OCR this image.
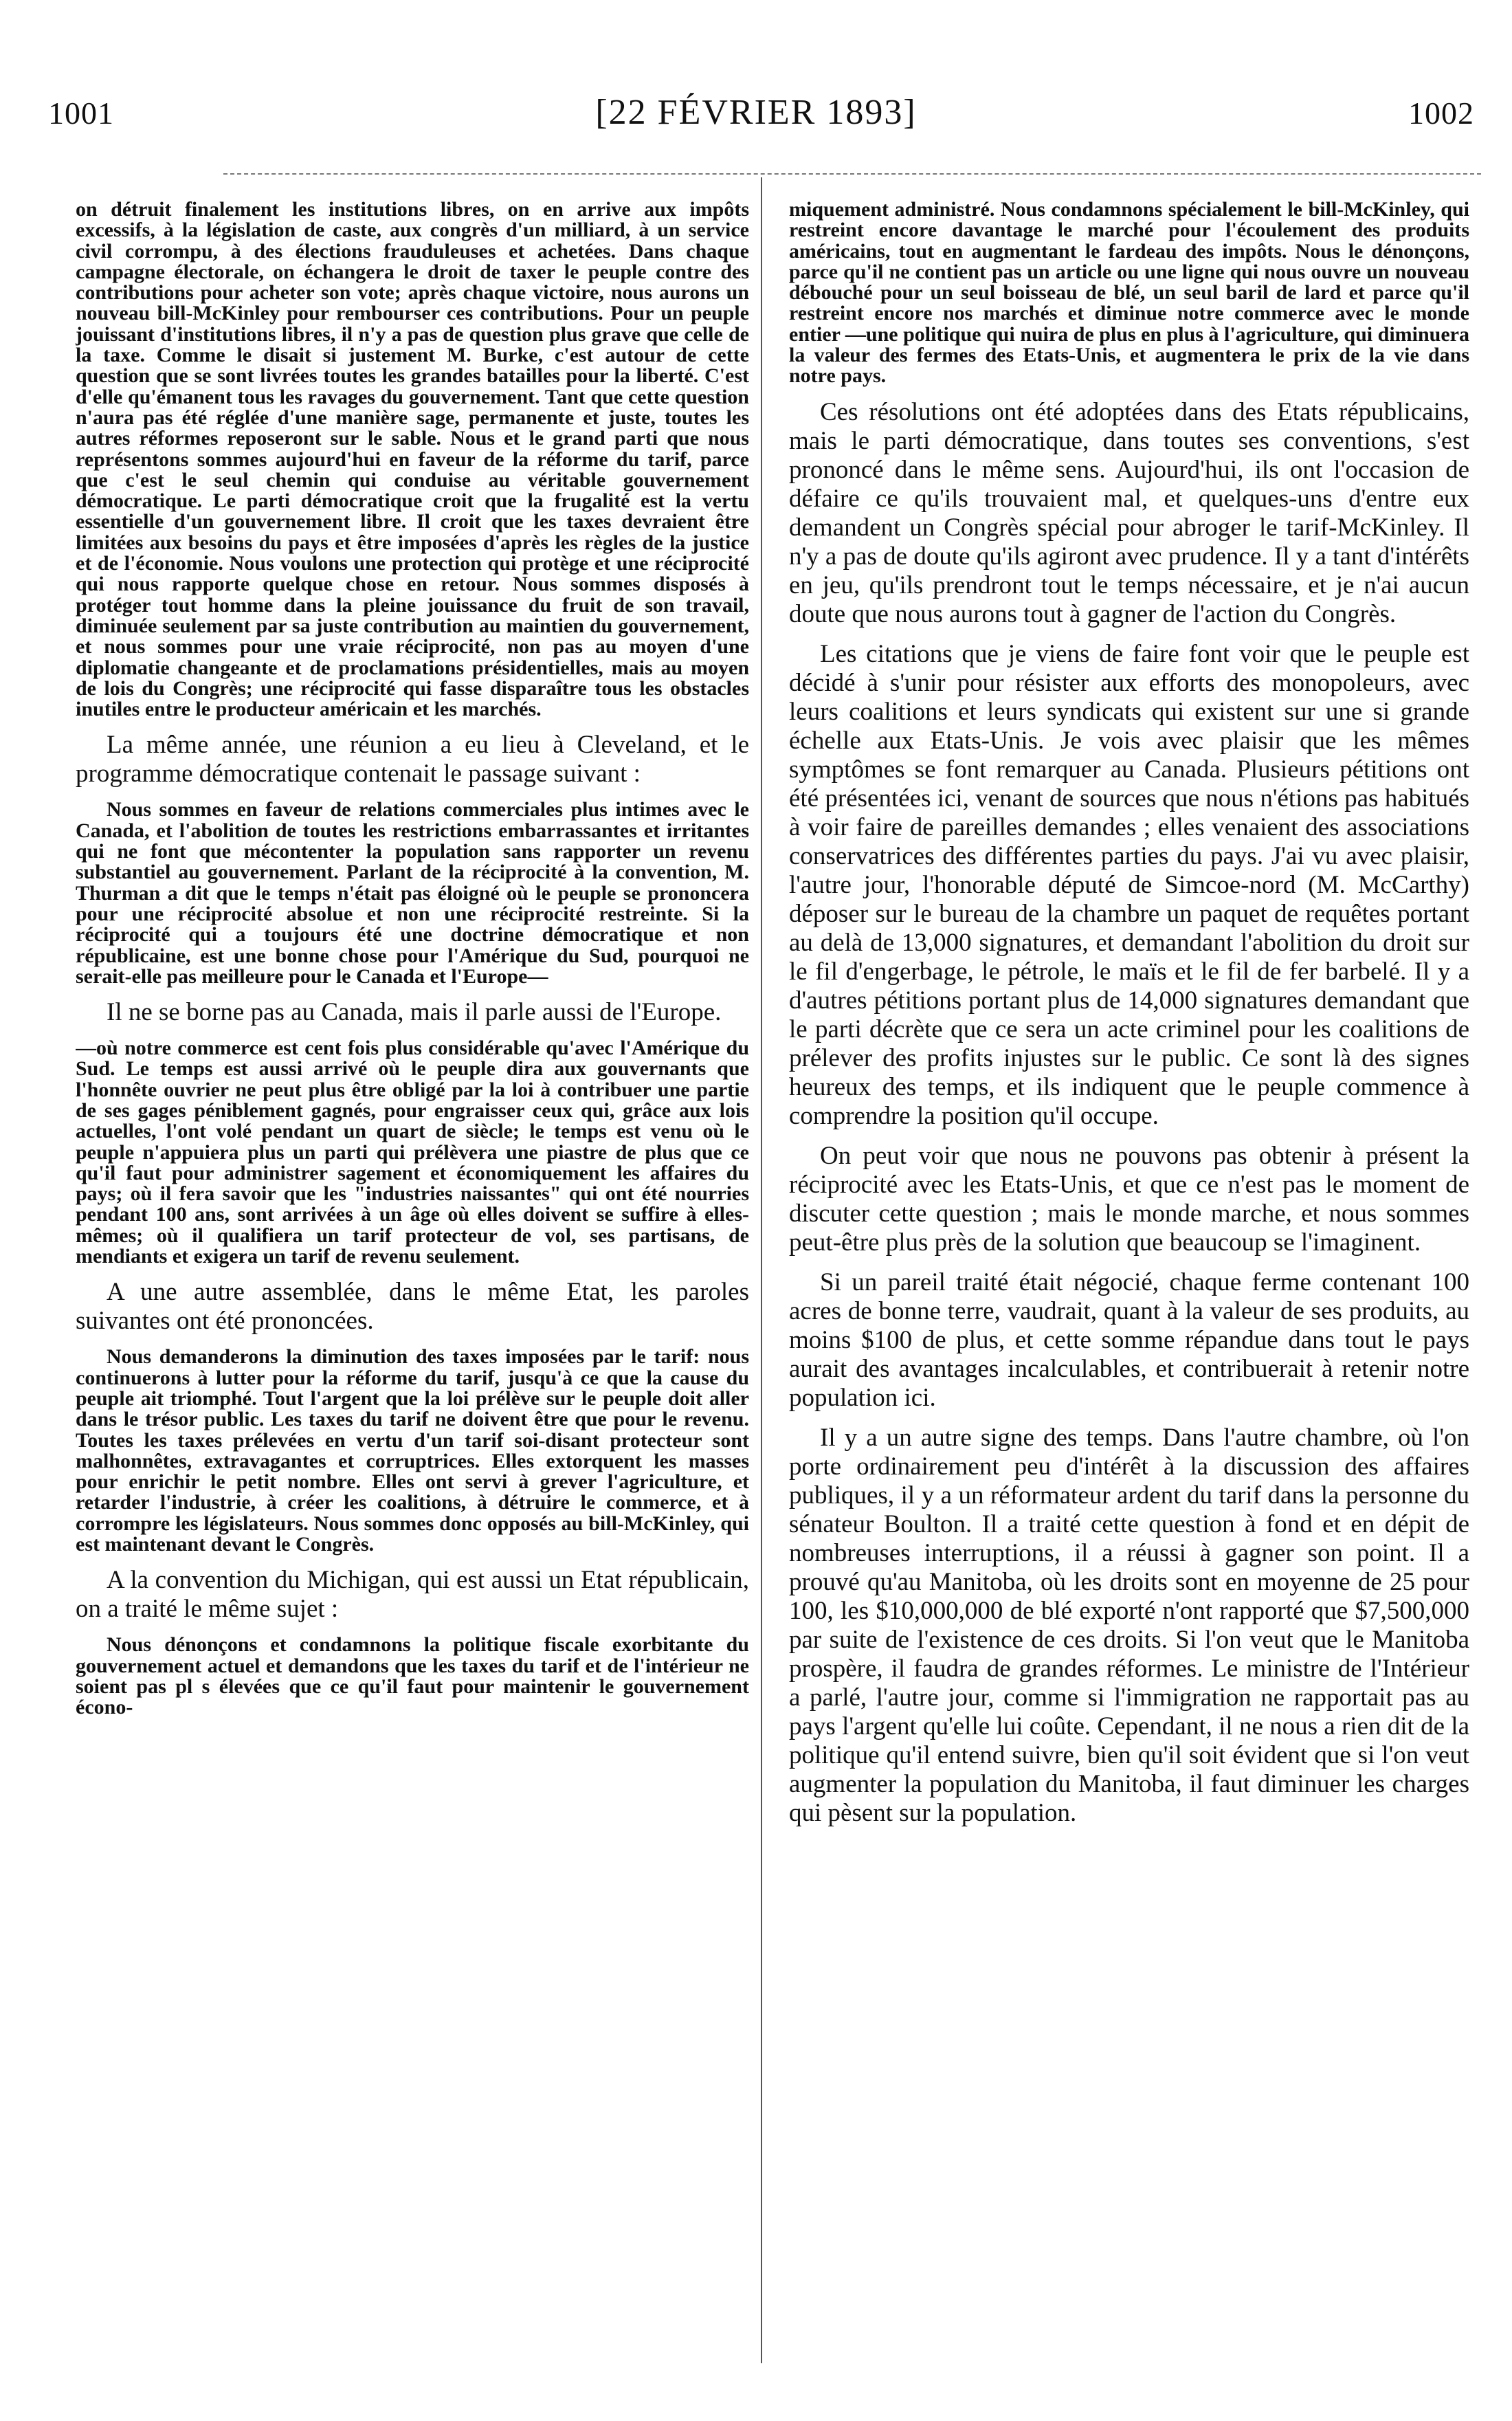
1001	[22 FÉVRIER 1893]	1002

on détruit finalement les institutions libres, on en arrive aux impôts excessifs, à la législation de caste, aux congrès d'un milliard, à un service civil corrompu, à des élections frauduleuses et achetées. Dans chaque campagne électorale, on échangera le droit de taxer le peuple contre des contributions pour acheter son vote; après chaque victoire, nous aurons un nouveau bill-McKinley pour rembourser ces contributions. Pour un peuple jouissant d'institutions libres, il n'y a pas de question plus grave que celle de la taxe. Comme le disait si justement M. Burke, c'est autour de cette question que se sont livrées toutes les grandes batailles pour la liberté. C'est d'elle qu'émanent tous les ravages du gouvernement. Tant que cette question n'aura pas été réglée d'une manière sage, permanente et juste, toutes les autres réformes reposeront sur le sable. Nous et le grand parti que nous représentons sommes aujourd'hui en faveur de la réforme du tarif, parce que c'est le seul chemin qui conduise au véritable gouvernement démocratique. Le parti démocratique croit que la frugalité est la vertu essentielle d'un gouvernement libre. Il croit que les taxes devraient être limitées aux besoins du pays et être imposées d'après les règles de la justice et de l'économie. Nous voulons une protection qui protège et une réciprocité qui nous rapporte quelque chose en retour. Nous sommes disposés à protéger tout homme dans la pleine jouissance du fruit de son travail, diminuée seulement par sa juste contribution au maintien du gouvernement, et nous sommes pour une vraie réciprocité, non pas au moyen d'une diplomatie changeante et de proclamations présidentielles, mais au moyen de lois du Congrès; une réciprocité qui fasse disparaître tous les obstacles inutiles entre le producteur américain et les marchés.

La même année, une réunion a eu lieu à Cleveland, et le programme démocratique contenait le passage suivant :

Nous sommes en faveur de relations commerciales plus intimes avec le Canada, et l'abolition de toutes les restrictions embarrassantes et irritantes qui ne font que mécontenter la population sans rapporter un revenu substantiel au gouvernement. Parlant de la réciprocité à la convention, M. Thurman a dit que le temps n'était pas éloigné où le peuple se prononcera pour une réciprocité absolue et non une réciprocité restreinte. Si la réciprocité qui a toujours été une doctrine démocratique et non républicaine, est une bonne chose pour l'Amérique du Sud, pourquoi ne serait-elle pas meilleure pour le Canada et l'Europe—

Il ne se borne pas au Canada, mais il parle aussi de l'Europe.

—où notre commerce est cent fois plus considérable qu'avec l'Amérique du Sud. Le temps est aussi arrivé où le peuple dira aux gouvernants que l'honnête ouvrier ne peut plus être obligé par la loi à contribuer une partie de ses gages péniblement gagnés, pour engraisser ceux qui, grâce aux lois actuelles, l'ont volé pendant un quart de siècle; le temps est venu où le peuple n'appuiera plus un parti qui prélèvera une piastre de plus que ce qu'il faut pour administrer sagement et économiquement les affaires du pays; où il fera savoir que les "industries naissantes" qui ont été nourries pendant 100 ans, sont arrivées à un âge où elles doivent se suffire à elles-mêmes; où il qualifiera un tarif protecteur de vol, ses partisans, de mendiants et exigera un tarif de revenu seulement.

A une autre assemblée, dans le même Etat, les paroles suivantes ont été prononcées.

Nous demanderons la diminution des taxes imposées par le tarif: nous continuerons à lutter pour la réforme du tarif, jusqu'à ce que la cause du peuple ait triomphé. Tout l'argent que la loi prélève sur le peuple doit aller dans le trésor public. Les taxes du tarif ne doivent être que pour le revenu. Toutes les taxes prélevées en vertu d'un tarif soi-disant protecteur sont malhonnêtes, extravagantes et corruptrices. Elles extorquent les masses pour enrichir le petit nombre. Elles ont servi à grever l'agriculture, et retarder l'industrie, à créer les coalitions, à détruire le commerce, et à corrompre les législateurs. Nous sommes donc opposés au bill-McKinley, qui est maintenant devant le Congrès.

A la convention du Michigan, qui est aussi un Etat républicain, on a traité le même sujet :

Nous dénonçons et condamnons la politique fiscale exorbitante du gouvernement actuel et demandons que les taxes du tarif et de l'intérieur ne soient pas pl s élevées que ce qu'il faut pour maintenir le gouvernement écono-

miquement administré. Nous condamnons spécialement le bill-McKinley, qui restreint encore davantage le marché pour l'écoulement des produits américains, tout en augmentant le fardeau des impôts. Nous le dénonçons, parce qu'il ne contient pas un article ou une ligne qui nous ouvre un nouveau débouché pour un seul boisseau de blé, un seul baril de lard et parce qu'il restreint encore nos marchés et diminue notre commerce avec le monde entier —une politique qui nuira de plus en plus à l'agriculture, qui diminuera la valeur des fermes des Etats-Unis, et augmentera le prix de la vie dans notre pays.

Ces résolutions ont été adoptées dans des Etats républicains, mais le parti démocratique, dans toutes ses conventions, s'est prononcé dans le même sens. Aujourd'hui, ils ont l'occasion de défaire ce qu'ils trouvaient mal, et quelques-uns d'entre eux demandent un Congrès spécial pour abroger le tarif-McKinley. Il n'y a pas de doute qu'ils agiront avec prudence. Il y a tant d'intérêts en jeu, qu'ils prendront tout le temps nécessaire, et je n'ai aucun doute que nous aurons tout à gagner de l'action du Congrès.

Les citations que je viens de faire font voir que le peuple est décidé à s'unir pour résister aux efforts des monopoleurs, avec leurs coalitions et leurs syndicats qui existent sur une si grande échelle aux Etats-Unis. Je vois avec plaisir que les mêmes symptômes se font remarquer au Canada. Plusieurs pétitions ont été présentées ici, venant de sources que nous n'étions pas habitués à voir faire de pareilles demandes ; elles venaient des associations conservatrices des différentes parties du pays. J'ai vu avec plaisir, l'autre jour, l'honorable député de Simcoe-nord (M. McCarthy) déposer sur le bureau de la chambre un paquet de requêtes portant au delà de 13,000 signatures, et demandant l'abolition du droit sur le fil d'engerbage, le pétrole, le maïs et le fil de fer barbelé. Il y a d'autres pétitions portant plus de 14,000 signatures demandant que le parti décrète que ce sera un acte criminel pour les coalitions de prélever des profits injustes sur le public. Ce sont là des signes heureux des temps, et ils indiquent que le peuple commence à comprendre la position qu'il occupe.

On peut voir que nous ne pouvons pas obtenir à présent la réciprocité avec les Etats-Unis, et que ce n'est pas le moment de discuter cette question ; mais le monde marche, et nous sommes peut-être plus près de la solution que beaucoup se l'imaginent.

Si un pareil traité était négocié, chaque ferme contenant 100 acres de bonne terre, vaudrait, quant à la valeur de ses produits, au moins $100 de plus, et cette somme répandue dans tout le pays aurait des avantages incalculables, et contribuerait à retenir notre population ici.

Il y a un autre signe des temps. Dans l'autre chambre, où l'on porte ordinairement peu d'intérêt à la discussion des affaires publiques, il y a un réformateur ardent du tarif dans la personne du sénateur Boulton. Il a traité cette question à fond et en dépit de nombreuses interruptions, il a réussi à gagner son point. Il a prouvé qu'au Manitoba, où les droits sont en moyenne de 25 pour 100, les $10,000,000 de blé exporté n'ont rapporté que $7,500,000 par suite de l'existence de ces droits. Si l'on veut que le Manitoba prospère, il faudra de grandes réformes. Le ministre de l'Intérieur a parlé, l'autre jour, comme si l'immigration ne rapportait pas au pays l'argent qu'elle lui coûte. Cependant, il ne nous a rien dit de la politique qu'il entend suivre, bien qu'il soit évident que si l'on veut augmenter la population du Manitoba, il faut diminuer les charges qui pèsent sur la population.
